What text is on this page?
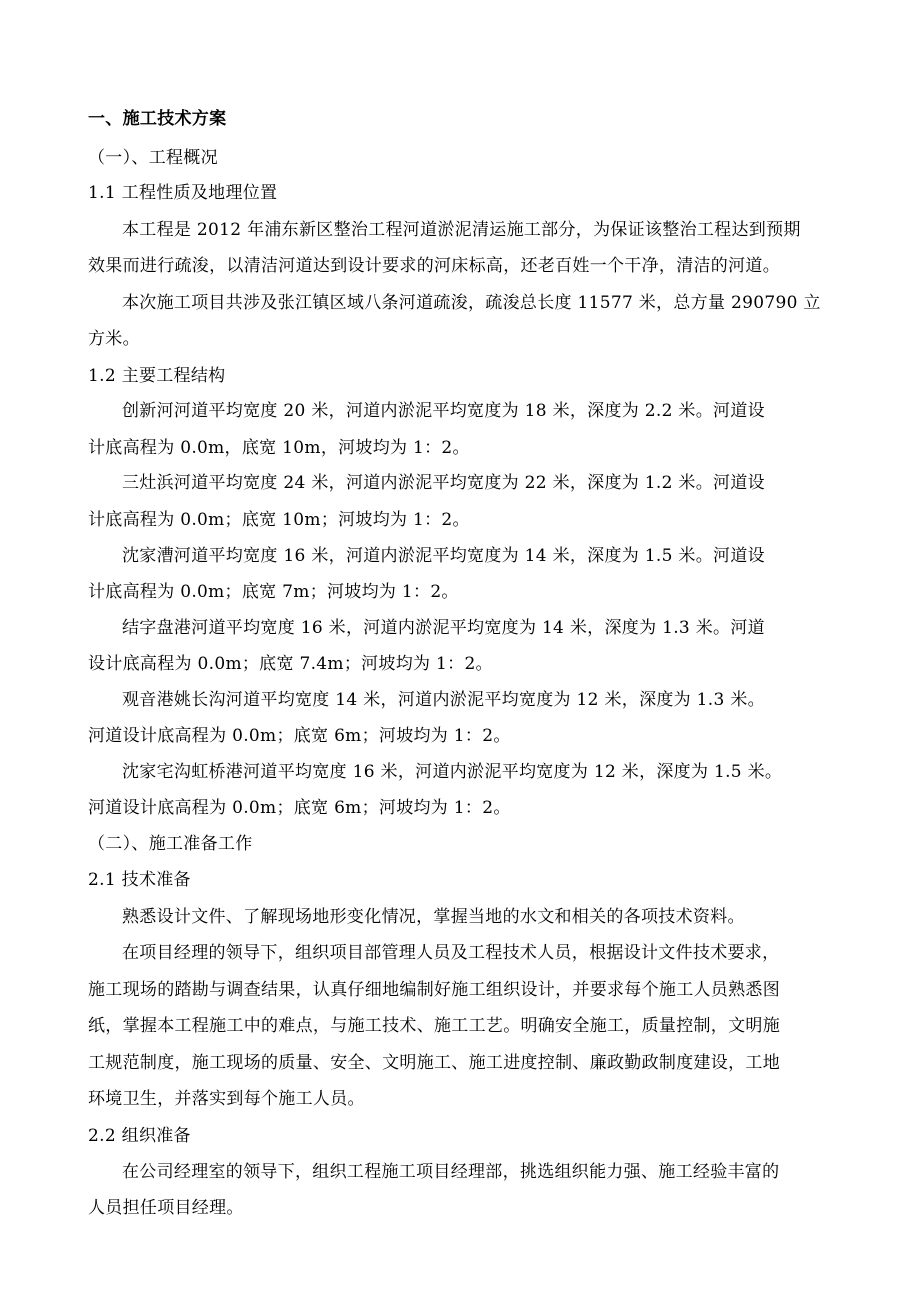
一、施工技术方案
（一）、工程概况
1.1 工程性质及地理位置
本工程是 2012 年浦东新区整治工程河道淤泥清运施工部分，为保证该整治工程达到预期
效果而进行疏浚，以清洁河道达到设计要求的河床标高，还老百姓一个干净，清洁的河道。
本次施工项目共涉及张江镇区域八条河道疏浚，疏浚总长度 11577 米，总方量 290790 立
方米。
1.2 主要工程结构
创新河河道平均宽度 20 米，河道内淤泥平均宽度为 18 米，深度为 2.2 米。河道设
计底高程为 0.0m，底宽 10m，河坡均为 1：2。
三灶浜河道平均宽度 24 米，河道内淤泥平均宽度为 22 米，深度为 1.2 米。河道设
计底高程为 0.0m；底宽 10m；河坡均为 1：2。
沈家漕河道平均宽度 16 米，河道内淤泥平均宽度为 14 米，深度为 1.5 米。河道设
计底高程为 0.0m；底宽 7m；河坡均为 1：2。
结字盘港河道平均宽度 16 米，河道内淤泥平均宽度为 14 米，深度为 1.3 米。河道
设计底高程为 0.0m；底宽 7.4m；河坡均为 1：2。
观音港姚长沟河道平均宽度 14 米，河道内淤泥平均宽度为 12 米，深度为 1.3 米。
河道设计底高程为 0.0m；底宽 6m；河坡均为 1：2。
沈家宅沟虹桥港河道平均宽度 16 米，河道内淤泥平均宽度为 12 米，深度为 1.5 米。
河道设计底高程为 0.0m；底宽 6m；河坡均为 1：2。
（二）、施工准备工作
2.1 技术准备
熟悉设计文件、了解现场地形变化情况，掌握当地的水文和相关的各项技术资料。
在项目经理的领导下，组织项目部管理人员及工程技术人员，根据设计文件技术要求，
施工现场的踏勘与调查结果，认真仔细地编制好施工组织设计，并要求每个施工人员熟悉图
纸，掌握本工程施工中的难点，与施工技术、施工工艺。明确安全施工，质量控制，文明施
工规范制度，施工现场的质量、安全、文明施工、施工进度控制、廉政勤政制度建设，工地
环境卫生，并落实到每个施工人员。
2.2 组织准备
在公司经理室的领导下，组织工程施工项目经理部，挑选组织能力强、施工经验丰富的
人员担任项目经理。
